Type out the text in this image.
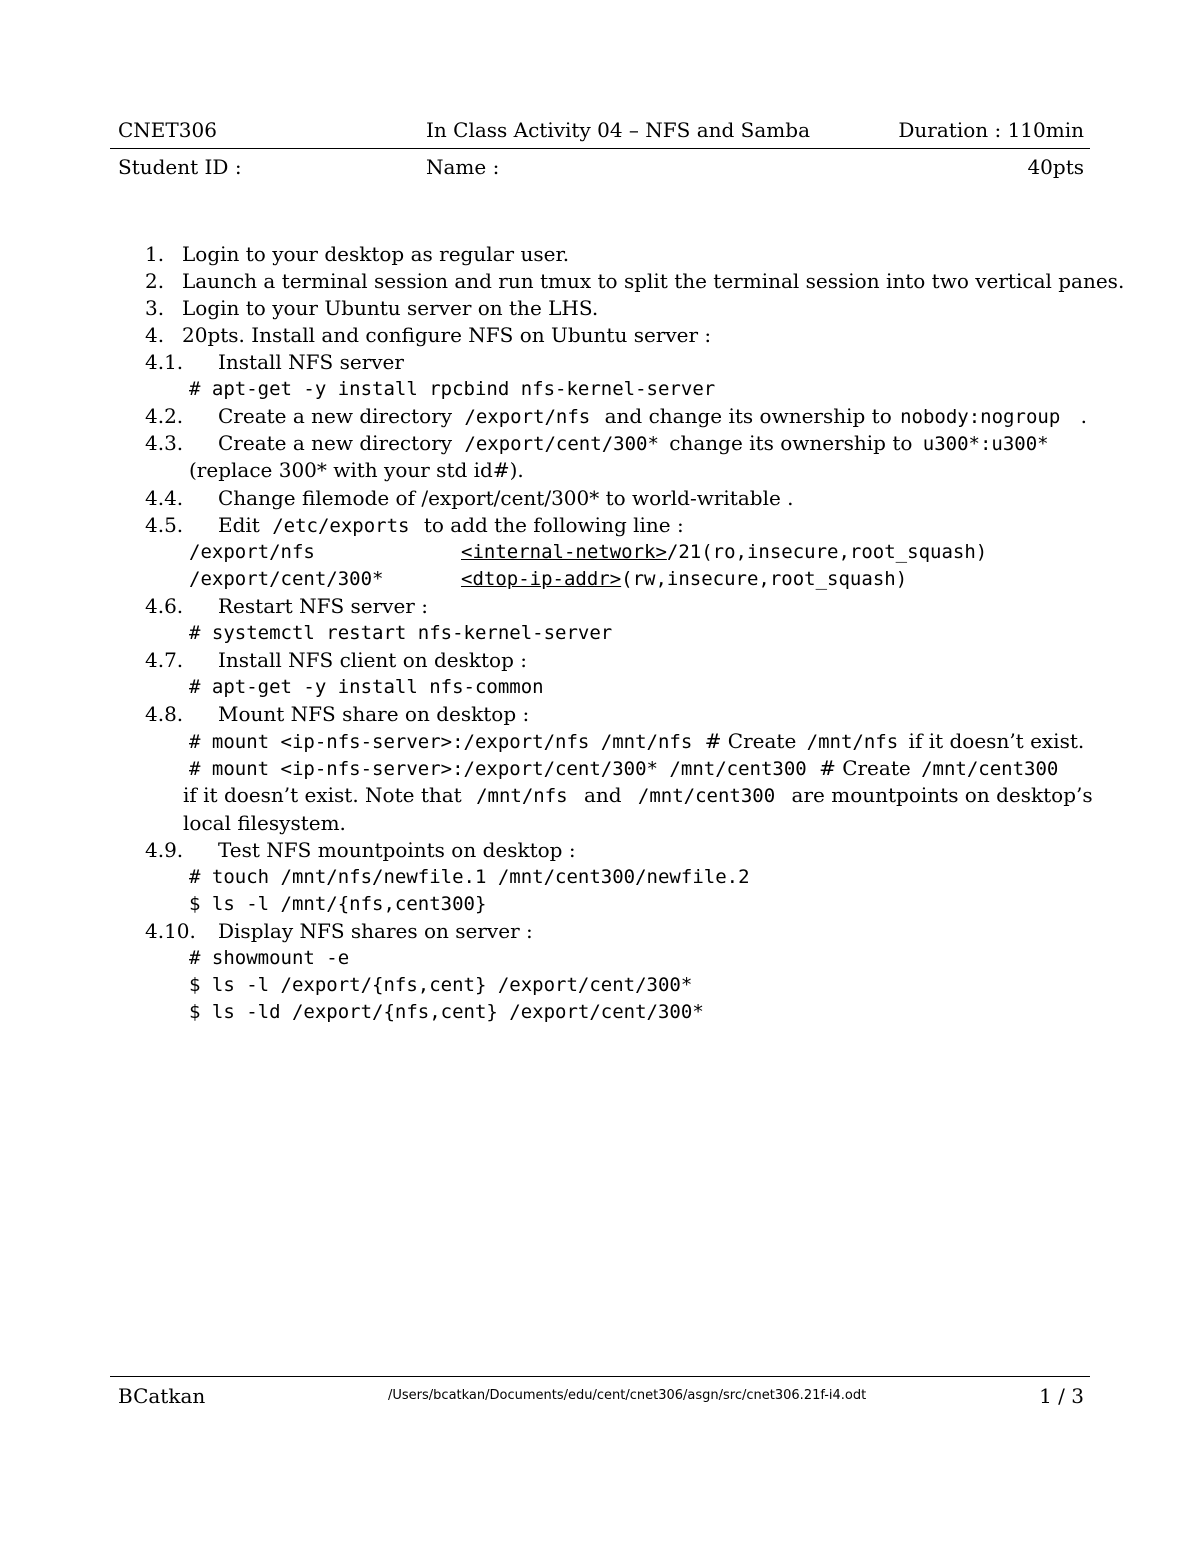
CNET306	In Class Activity 04 – NFS and Samba	Duration : 110min
Student ID :	Name :	40pts
1. Login to your desktop as regular user.
2. Launch a terminal session and run tmux to split the terminal session into two vertical panes.
3. Login to your Ubuntu server on the LHS.
4. 20pts. Install and configure NFS on Ubuntu server :
4.1. Install NFS server
# apt-get -y install rpcbind nfs-kernel-server
4.2. Create a new directory /export/nfs and change its ownership to nobody:nogroup .
4.3. Create a new directory /export/cent/300* change its ownership to u300*:u300*
(replace 300* with your std id#).
4.4. Change filemode of /export/cent/300* to world-writable .
4.5. Edit /etc/exports to add the following line :
/export/nfs	<internal-network>/21(ro,insecure,root_squash)
/export/cent/300*	<dtop-ip-addr>(rw,insecure,root_squash)
4.6. Restart NFS server :
# systemctl restart nfs-kernel-server
4.7. Install NFS client on desktop :
# apt-get -y install nfs-common
4.8. Mount NFS share on desktop :
# mount <ip-nfs-server>:/export/nfs /mnt/nfs # Create /mnt/nfs if it doesn’t exist.
# mount <ip-nfs-server>:/export/cent/300* /mnt/cent300 # Create /mnt/cent300
if it doesn’t exist. Note that /mnt/nfs and /mnt/cent300 are mountpoints on desktop’s
local filesystem.
4.9. Test NFS mountpoints on desktop :
# touch /mnt/nfs/newfile.1 /mnt/cent300/newfile.2
$ ls -l /mnt/{nfs,cent300}
4.10. Display NFS shares on server :
# showmount -e
$ ls -l /export/{nfs,cent} /export/cent/300*
$ ls -ld /export/{nfs,cent} /export/cent/300*
BCatkan	/Users/bcatkan/Documents/edu/cent/cnet306/asgn/src/cnet306.21f-i4.odt	1 / 3
